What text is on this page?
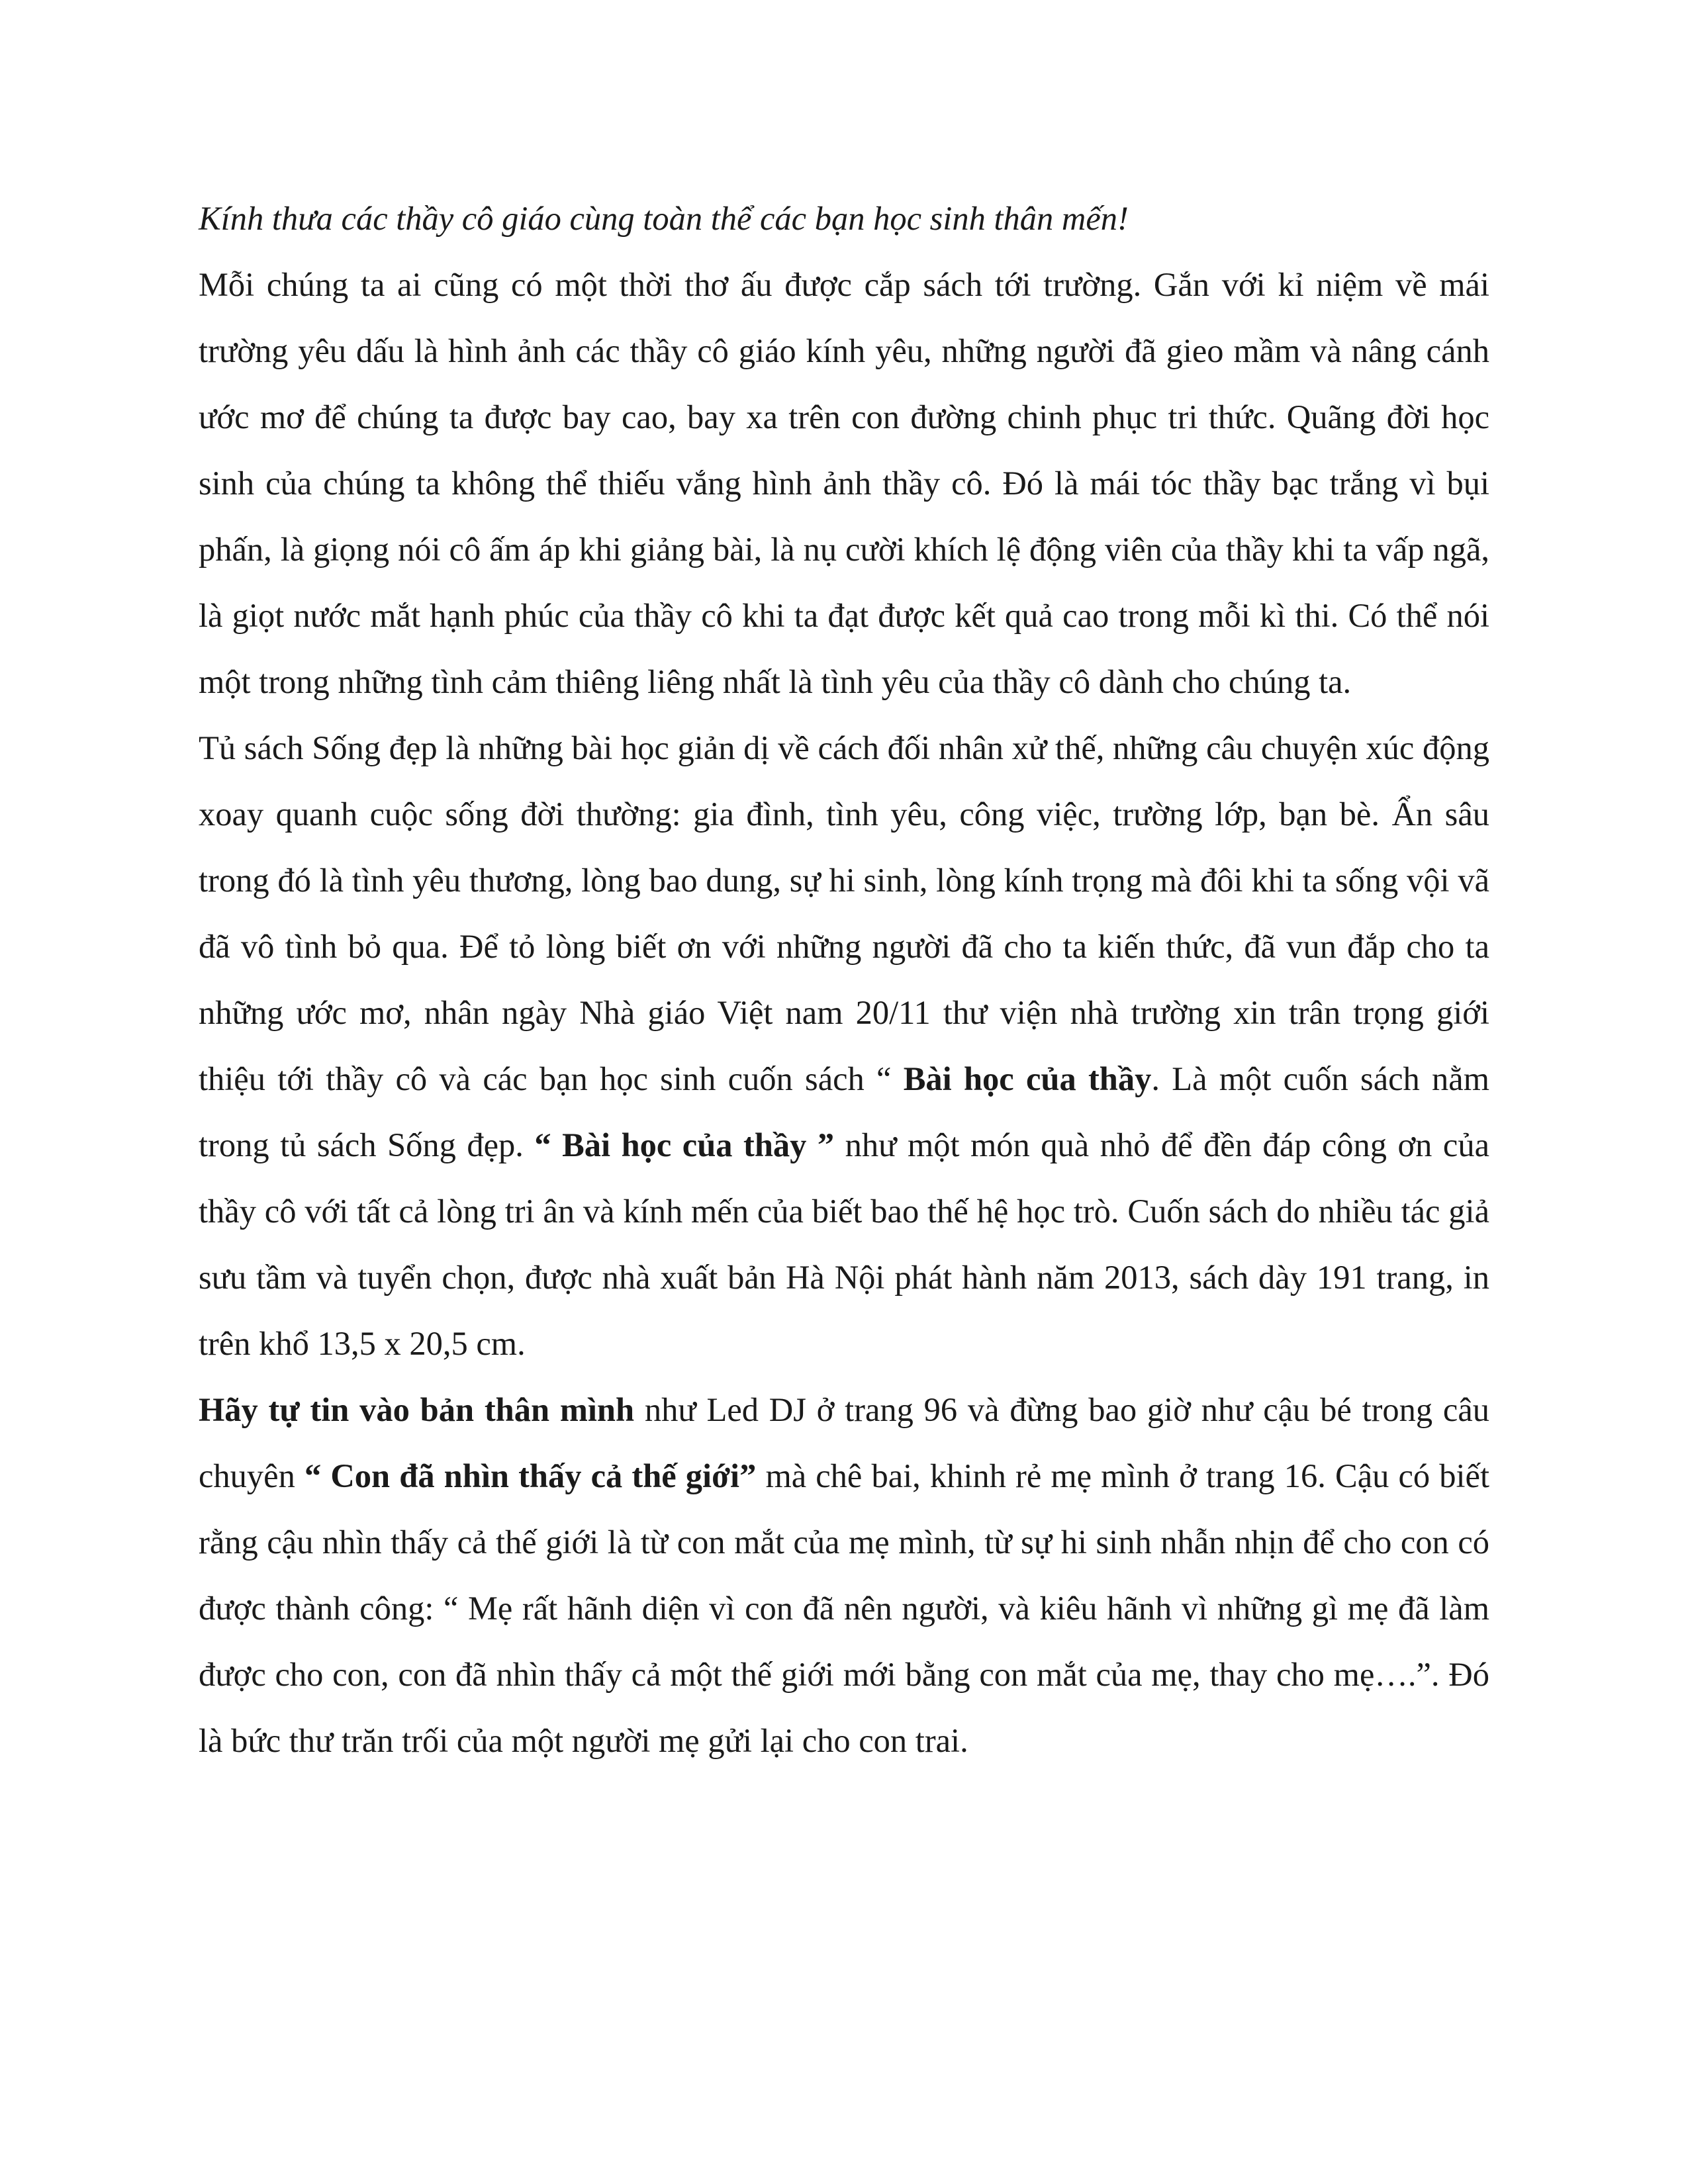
Kính thưa các thầy cô giáo cùng toàn thể các bạn học sinh thân mến!

Mỗi chúng ta ai cũng có một thời thơ ấu được cắp sách tới trường. Gắn với kỉ niệm về mái trường yêu dấu là hình ảnh các thầy cô giáo kính yêu, những người đã gieo mầm và nâng cánh ước mơ để chúng ta được bay cao, bay xa trên con đường chinh phục tri thức. Quãng đời học sinh của chúng ta không thể thiếu vắng hình ảnh thầy cô. Đó là mái tóc thầy bạc trắng vì bụi phấn, là giọng nói cô ấm áp khi giảng bài, là nụ cười khích lệ động viên của thầy khi ta vấp ngã, là giọt nước mắt hạnh phúc của thầy cô khi ta đạt được kết quả cao trong mỗi kì thi. Có thể nói một trong những tình cảm thiêng liêng nhất là tình yêu của thầy cô dành cho chúng ta.

Tủ sách Sống đẹp là những bài học giản dị về cách đối nhân xử thế, những câu chuyện xúc động xoay quanh cuộc sống đời thường: gia đình, tình yêu, công việc, trường lớp, bạn bè. Ẩn sâu trong đó là tình yêu thương, lòng bao dung, sự hi sinh, lòng kính trọng mà đôi khi ta sống vội vã đã vô tình bỏ qua. Để tỏ lòng biết ơn với những người đã cho ta kiến thức, đã vun đắp cho ta những ước mơ, nhân ngày Nhà giáo Việt nam 20/11 thư viện nhà trường xin trân trọng giới thiệu tới thầy cô và các bạn học sinh cuốn sách “ Bài học của thầy. Là một cuốn sách nằm trong tủ sách Sống đẹp. “ Bài học của thầy ” như một món quà nhỏ để đền đáp công ơn của thầy cô với tất cả lòng tri ân và kính mến của biết bao thế hệ học trò. Cuốn sách do nhiều tác giả sưu tầm và tuyển chọn, được nhà xuất bản Hà Nội phát hành năm 2013, sách dày 191 trang, in trên khổ 13,5 x 20,5 cm.

Hãy tự tin vào bản thân mình như Led DJ ở trang 96 và đừng bao giờ như cậu bé trong câu chuyên “ Con đã nhìn thấy cả thế giới” mà chê bai, khinh rẻ mẹ mình ở trang 16. Cậu có biết rằng cậu nhìn thấy cả thế giới là từ con mắt của mẹ mình, từ sự hi sinh nhẫn nhịn để cho con có được thành công: “ Mẹ rất hãnh diện vì con đã nên người, và kiêu hãnh vì những gì mẹ đã làm được cho con, con đã nhìn thấy cả một thế giới mới bằng con mắt của mẹ, thay cho mẹ….”. Đó là bức thư trăn trối của một người mẹ gửi lại cho con trai.
